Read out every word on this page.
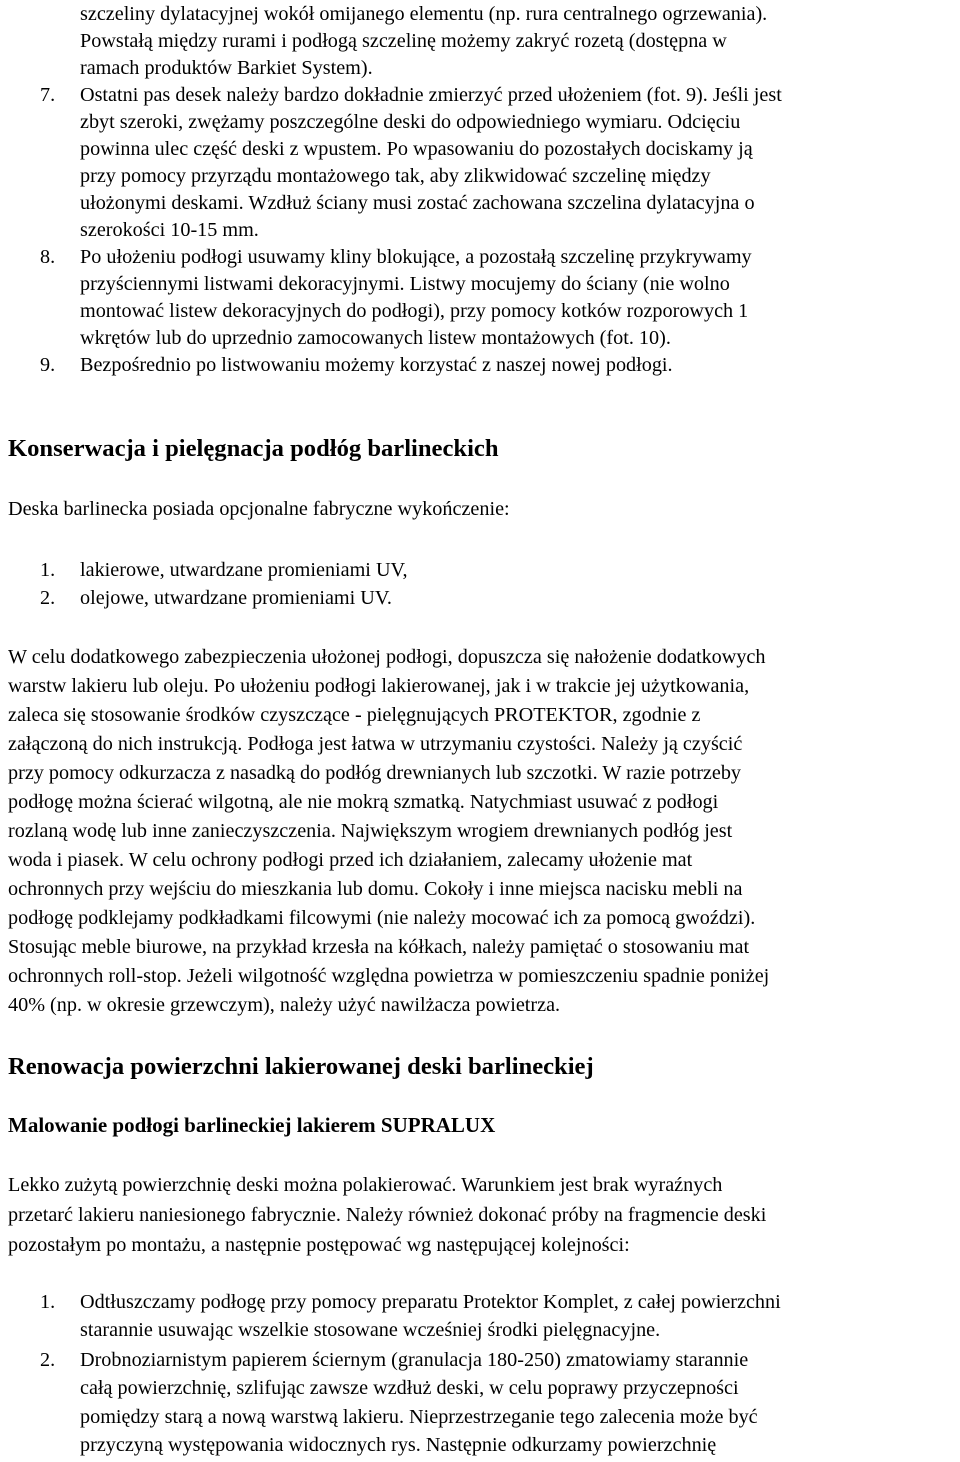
szczeliny dylatacyjnej wokół omijanego elementu (np. rura centralnego ogrzewania).
Powstałą między rurami i podłogą szczelinę możemy zakryć rozetą (dostępna w
ramach produktów Barkiet System).
7. Ostatni pas desek należy bardzo dokładnie zmierzyć przed ułożeniem (fot. 9). Jeśli jest
zbyt szeroki, zwężamy poszczególne deski do odpowiedniego wymiaru. Odcięciu
powinna ulec część deski z wpustem. Po wpasowaniu do pozostałych dociskamy ją
przy pomocy przyrządu montażowego tak, aby zlikwidować szczelinę między
ułożonymi deskami. Wzdłuż ściany musi zostać zachowana szczelina dylatacyjna o
szerokości 10-15 mm.
8. Po ułożeniu podłogi usuwamy kliny blokujące, a pozostałą szczelinę przykrywamy
przyściennymi listwami dekoracyjnymi. Listwy mocujemy do ściany (nie wolno
montować listew dekoracyjnych do podłogi), przy pomocy kotków rozporowych 1
wkrętów lub do uprzednio zamocowanych listew montażowych (fot. 10).
9. Bezpośrednio po listwowaniu możemy korzystać z naszej nowej podłogi.
Konserwacja i pielęgnacja podłóg barlineckich
Deska barlinecka posiada opcjonalne fabryczne wykończenie:
1. lakierowe, utwardzane promieniami UV,
2. olejowe, utwardzane promieniami UV.
W celu dodatkowego zabezpieczenia ułożonej podłogi, dopuszcza się nałożenie dodatkowych
warstw lakieru lub oleju. Po ułożeniu podłogi lakierowanej, jak i w trakcie jej użytkowania,
zaleca się stosowanie środków czyszczące - pielęgnujących PROTEKTOR, zgodnie z
załączoną do nich instrukcją. Podłoga jest łatwa w utrzymaniu czystości. Należy ją czyścić
przy pomocy odkurzacza z nasadką do podłóg drewnianych lub szczotki. W razie potrzeby
podłogę można ścierać wilgotną, ale nie mokrą szmatką. Natychmiast usuwać z podłogi
rozlaną wodę lub inne zanieczyszczenia. Największym wrogiem drewnianych podłóg jest
woda i piasek. W celu ochrony podłogi przed ich działaniem, zalecamy ułożenie mat
ochronnych przy wejściu do mieszkania lub domu. Cokoły i inne miejsca nacisku mebli na
podłogę podklejamy podkładkami filcowymi (nie należy mocować ich za pomocą gwoździ).
Stosując meble biurowe, na przykład krzesła na kółkach, należy pamiętać o stosowaniu mat
ochronnych roll-stop. Jeżeli wilgotność względna powietrza w pomieszczeniu spadnie poniżej
40% (np. w okresie grzewczym), należy użyć nawilżacza powietrza.
Renowacja powierzchni lakierowanej deski barlineckiej
Malowanie podłogi barlineckiej lakierem SUPRALUX
Lekko zużytą powierzchnię deski można polakierować. Warunkiem jest brak wyraźnych
przetarć lakieru naniesionego fabrycznie. Należy również dokonać próby na fragmencie deski
pozostałym po montażu, a następnie postępować wg następującej kolejności:
1. Odtłuszczamy podłogę przy pomocy preparatu Protektor Komplet, z całej powierzchni
starannie usuwając wszelkie stosowane wcześniej środki pielęgnacyjne.
2. Drobnoziarnistym papierem ściernym (granulacja 180-250) zmatowiamy starannie
całą powierzchnię, szlifując zawsze wzdłuż deski, w celu poprawy przyczepności
pomiędzy starą a nową warstwą lakieru. Nieprzestrzeganie tego zalecenia może być
przyczyną występowania widocznych rys. Następnie odkurzamy powierzchnię
